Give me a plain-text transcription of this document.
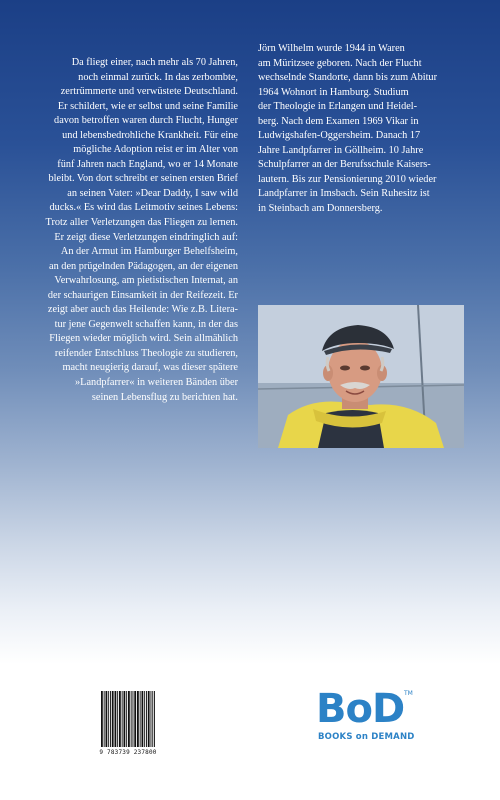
Da fliegt einer, nach mehr als 70 Jahren,

noch einmal zurück. In das zerbombte,

zertrümmerte und verwüstete Deutschland.

Er schildert, wie er selbst und seine Familie

davon betroffen waren durch Flucht, Hunger

und lebensbedrohliche Krankheit. Für eine

mögliche Adoption reist er im Alter von

fünf Jahren nach England, wo er 14 Monate

bleibt. Von dort schreibt er seinen ersten Brief

an seinen Vater: »Dear Daddy, I saw wild

ducks.« Es wird das Leitmotiv seines Lebens:

Trotz aller Verletzungen das Fliegen zu lernen.

Er zeigt diese Verletzungen eindringlich auf:

An der Armut im Hamburger Behelfsheim,

an den prügelnden Pädagogen, an der eigenen

Verwahrlosung, am pietistischen Internat, an

der schaurigen Einsamkeit in der Reifezeit. Er

zeigt aber auch das Heilende: Wie z.B. Litera-

tur jene Gegenwelt schaffen kann, in der das

Fliegen wieder möglich wird. Sein allmählich

reifender Entschluss Theologie zu studieren,

macht neugierig darauf, was dieser spätere

»Landpfarrer« in weiteren Bänden über

seinen Lebensflug zu berichten hat.

Jörn Wilhelm wurde 1944 in Waren

am Müritzsee geboren. Nach der Flucht

wechselnde Standorte, dann bis zum Abitur

1964 Wohnort in Hamburg. Studium

der Theologie in Erlangen und Heidel-

berg. Nach dem Examen 1969 Vikar in

Ludwigshafen-Oggersheim. Danach 17

Jahre Landpfarrer in Göllheim. 10 Jahre

Schulpfarrer an der Berufsschule Kaisers-

lautern. Bis zur Pensionierung 2010 wieder

Landpfarrer in Imsbach. Sein Ruhesitz ist

in Steinbach am Donnersberg.

9 783739 237800
BoD TM
BOOKS on DEMAND
